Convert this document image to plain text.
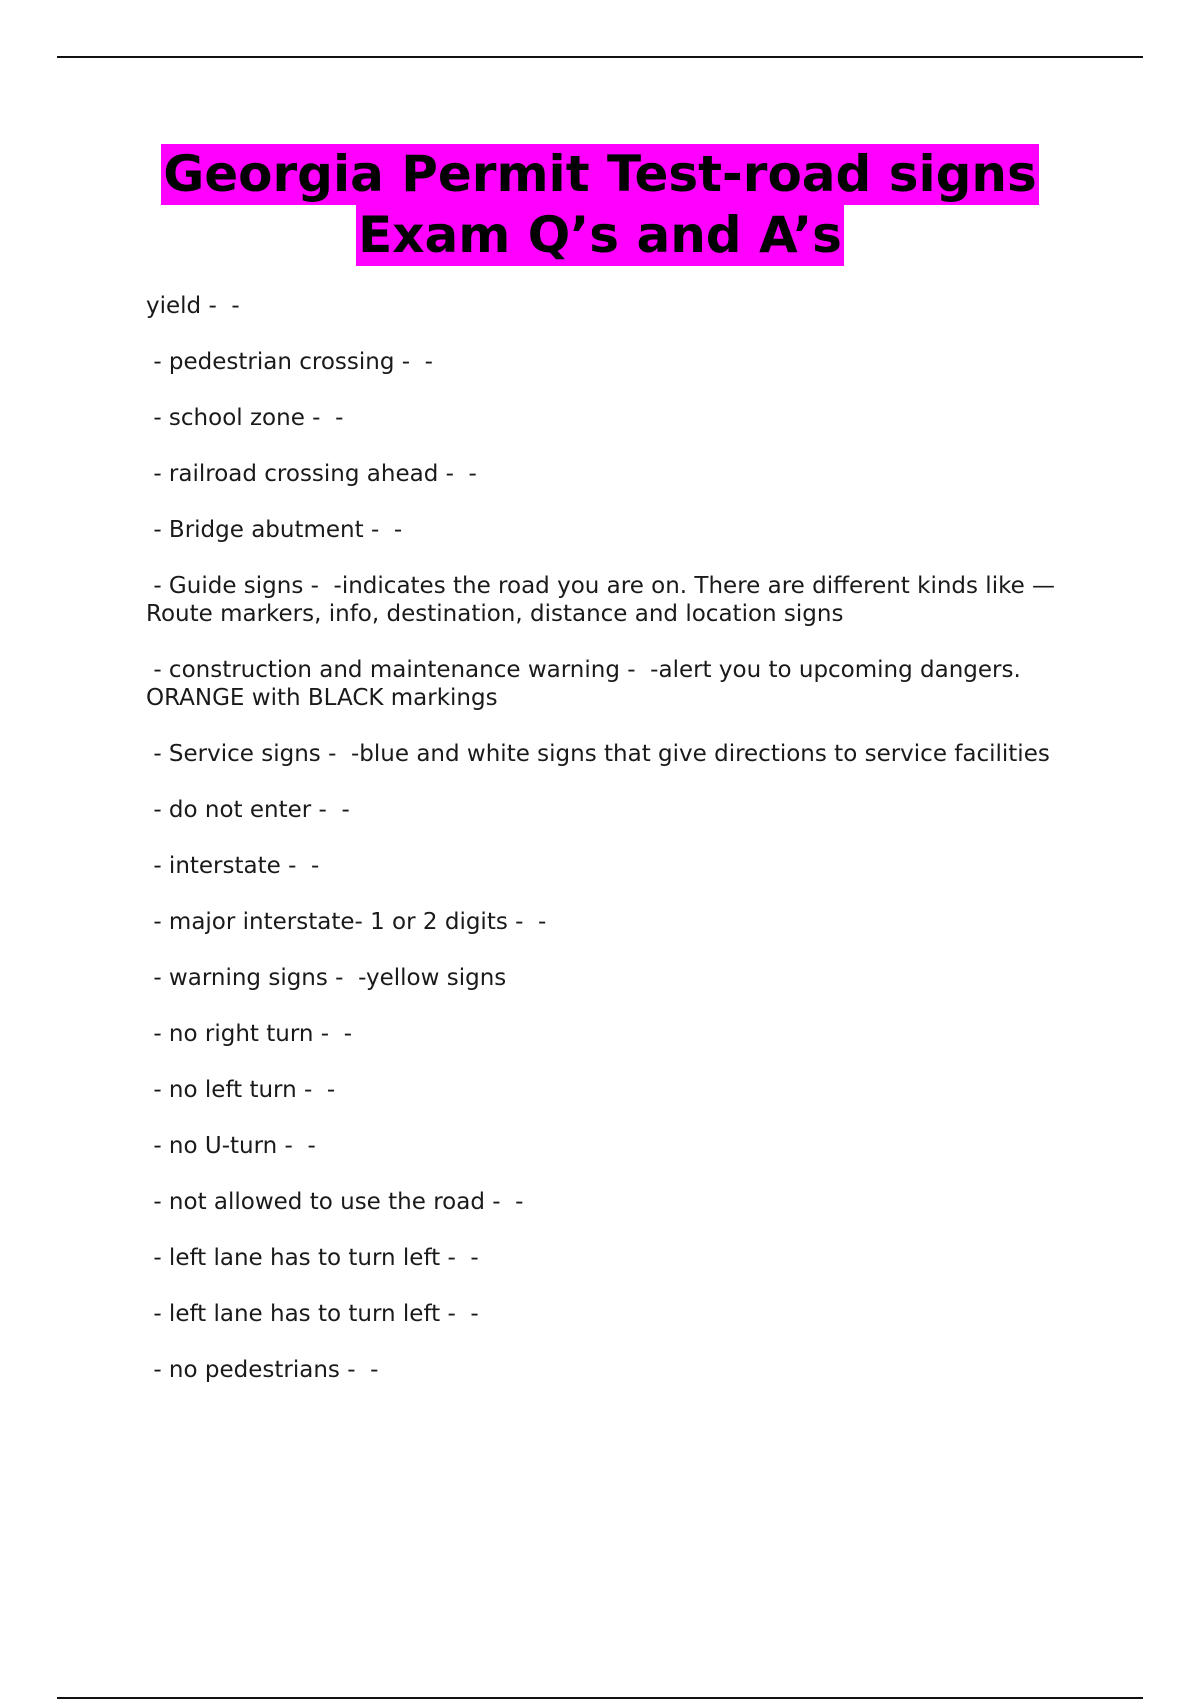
Georgia Permit Test-road signs
Exam Q’s and A’s
yield -  -
- pedestrian crossing -  -
- school zone -  -
- railroad crossing ahead -  -
- Bridge abutment -  -
- Guide signs -  -indicates the road you are on. There are different kinds like — Route markers, info, destination, distance and location signs
- construction and maintenance warning -  -alert you to upcoming dangers. ORANGE with BLACK markings
- Service signs -  -blue and white signs that give directions to service facilities
- do not enter -  -
- interstate -  -
- major interstate- 1 or 2 digits -  -
- warning signs -  -yellow signs
- no right turn -  -
- no left turn -  -
- no U-turn -  -
- not allowed to use the road -  -
- left lane has to turn left -  -
- left lane has to turn left -  -
- no pedestrians -  -
